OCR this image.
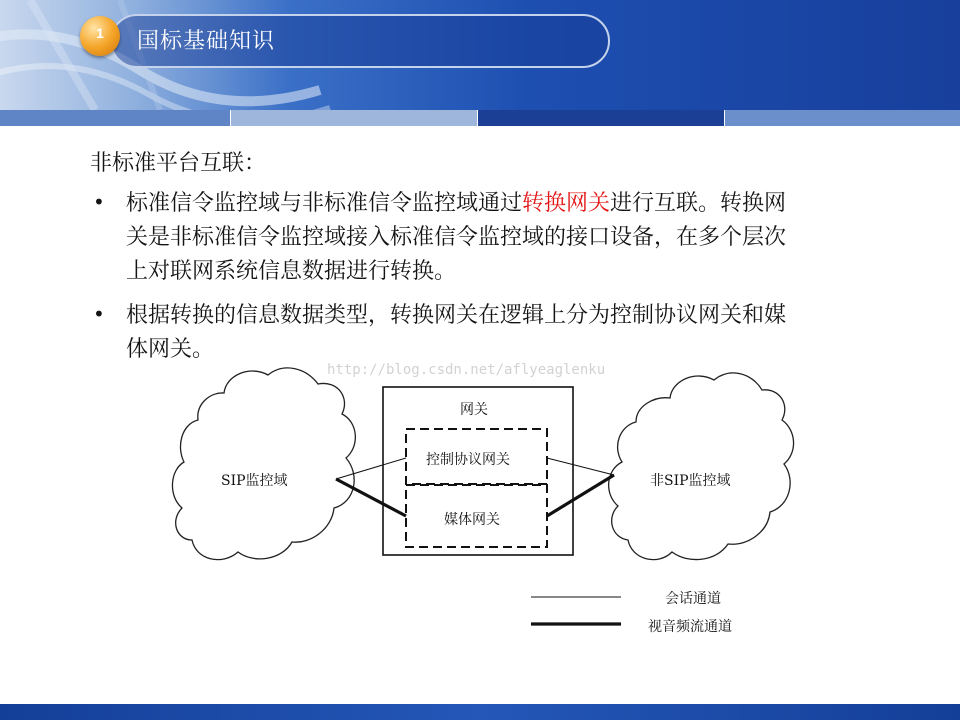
国标基础知识
1
非标准平台互联：
• 标准信令监控域与非标准信令监控域通过转换网关进行互联。转换网
关是非标准信令监控域接入标准信令监控域的接口设备，在多个层次
上对联网系统信息数据进行转换。
• 根据转换的信息数据类型，转换网关在逻辑上分为控制协议网关和媒
体网关。
http://blog.csdn.net/aflyeaglenku
SIP监控域	非SIP监控域
网关
控制协议网关
媒体网关
会话通道
视音频流通道
